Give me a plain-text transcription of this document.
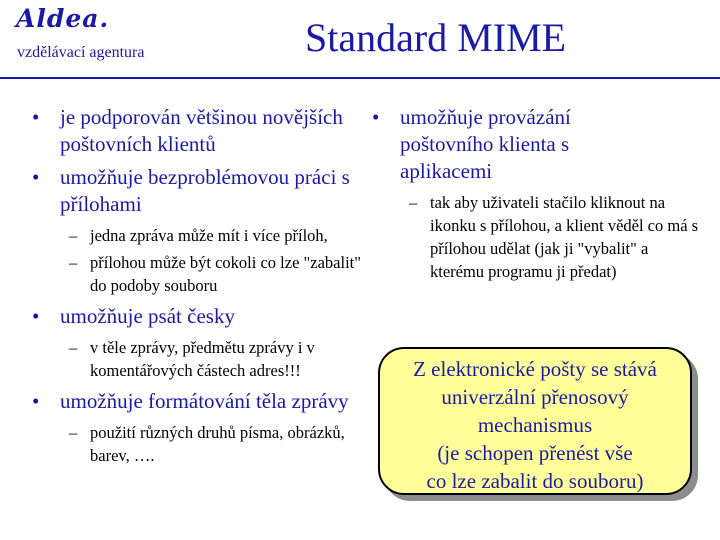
Aldea.
vzdělávací agentura	Standard MIME
• je podporován většinou novějších poštovních klientů
• umožňuje bezproblémovou práci s přílohami
– jedna zpráva může mít i více příloh,
– přílohou může být cokoli co lze "zabalit" do podoby souboru
• umožňuje psát česky
– v těle zprávy, předmětu zprávy i v komentářových částech adres!!!
• umožňuje formátování těla zprávy
– použití různých druhů písma, obrázků, barev, ….
• umožňuje provázání poštovního klienta s aplikacemi
– tak aby uživateli stačilo kliknout na ikonku s přílohou, a klient věděl co má s přílohou udělat (jak ji "vybalit" a kterému programu ji předat)
Z elektronické pošty se stává
univerzální přenosový
mechanismus
(je schopen přenést vše
co lze zabalit do souboru)
